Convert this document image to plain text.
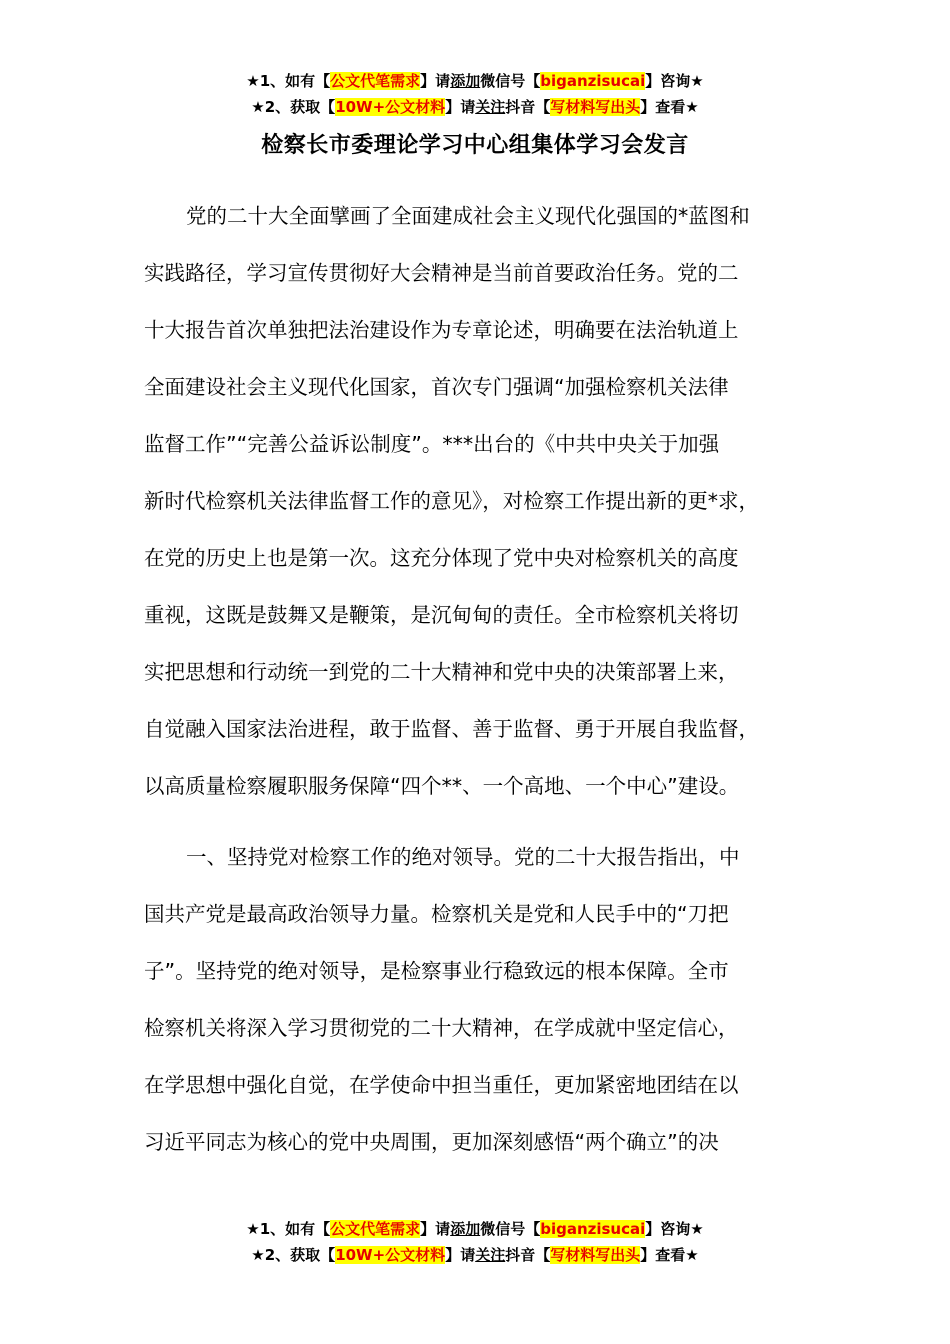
★1、如有【公文代笔需求】请添加微信号【biganzisucai】咨询★
★2、获取【10W+公文材料】请关注抖音【写材料写出头】查看★
检察长市委理论学习中心组集体学习会发言

党的二十大全面擘画了全面建成社会主义现代化强国的*蓝图和
实践路径，学习宣传贯彻好大会精神是当前首要政治任务。党的二
十大报告首次单独把法治建设作为专章论述，明确要在法治轨道上
全面建设社会主义现代化国家，首次专门强调“加强检察机关法律
监督工作”“完善公益诉讼制度”。***出台的《中共中央关于加强
新时代检察机关法律监督工作的意见》，对检察工作提出新的更*求，
在党的历史上也是第一次。这充分体现了党中央对检察机关的高度
重视，这既是鼓舞又是鞭策，是沉甸甸的责任。全市检察机关将切
实把思想和行动统一到党的二十大精神和党中央的决策部署上来，
自觉融入国家法治进程，敢于监督、善于监督、勇于开展自我监督，
以高质量检察履职服务保障“四个**、一个高地、一个中心”建设。

一、坚持党对检察工作的绝对领导。党的二十大报告指出，中
国共产党是最高政治领导力量。检察机关是党和人民手中的“刀把
子”。坚持党的绝对领导，是检察事业行稳致远的根本保障。全市
检察机关将深入学习贯彻党的二十大精神，在学成就中坚定信心，
在学思想中强化自觉，在学使命中担当重任，更加紧密地团结在以
习近平同志为核心的党中央周围，更加深刻感悟“两个确立”的决

★1、如有【公文代笔需求】请添加微信号【biganzisucai】咨询★
★2、获取【10W+公文材料】请关注抖音【写材料写出头】查看★
